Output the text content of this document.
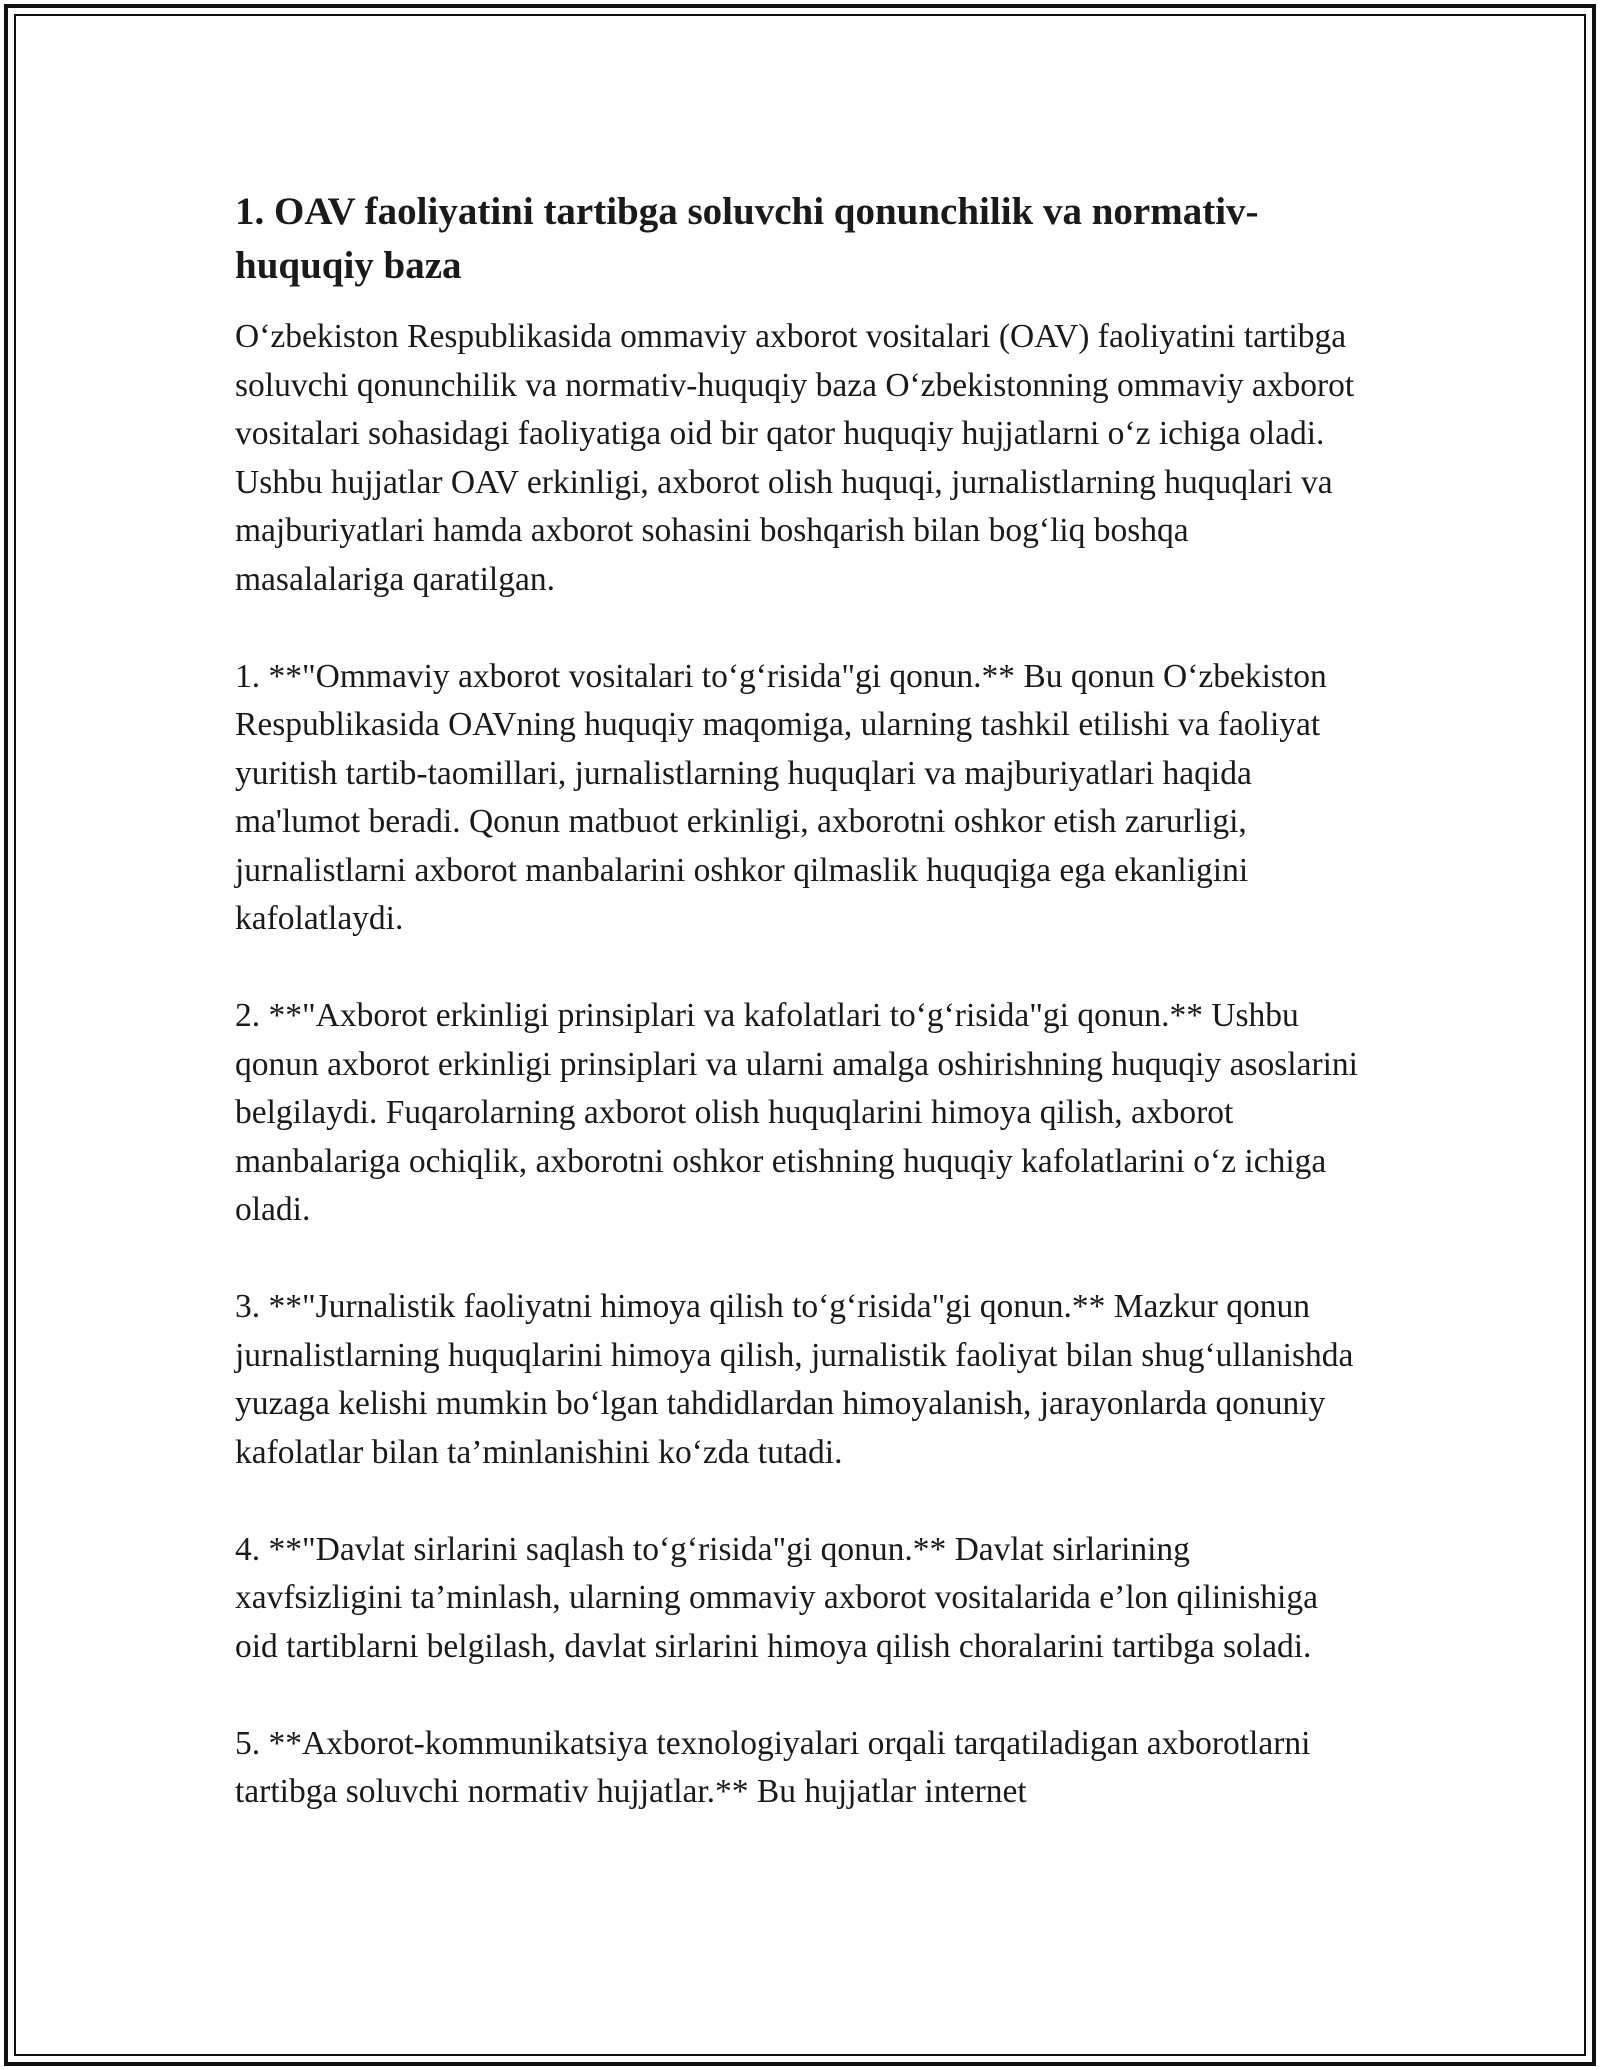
1. OAV faoliyatini tartibga soluvchi qonunchilik va normativ-huquqiy baza

O‘zbekiston Respublikasida ommaviy axborot vositalari (OAV) faoliyatini tartibga soluvchi qonunchilik va normativ-huquqiy baza O‘zbekistonning ommaviy axborot vositalari sohasidagi faoliyatiga oid bir qator huquqiy hujjatlarni o‘z ichiga oladi. Ushbu hujjatlar OAV erkinligi, axborot olish huquqi, jurnalistlarning huquqlari va majburiyatlari hamda axborot sohasini boshqarish bilan bog‘liq boshqa masalalariga qaratilgan.

1. **"Ommaviy axborot vositalari to‘g‘risida"gi qonun.** Bu qonun O‘zbekiston Respublikasida OAVning huquqiy maqomiga, ularning tashkil etilishi va faoliyat yuritish tartib-taomillari, jurnalistlarning huquqlari va majburiyatlari haqida ma'lumot beradi. Qonun matbuot erkinligi, axborotni oshkor etish zarurligi, jurnalistlarni axborot manbalarini oshkor qilmaslik huquqiga ega ekanligini kafolatlaydi.

2. **"Axborot erkinligi prinsiplari va kafolatlari to‘g‘risida"gi qonun.** Ushbu qonun axborot erkinligi prinsiplari va ularni amalga oshirishning huquqiy asoslarini belgilaydi. Fuqarolarning axborot olish huquqlarini himoya qilish, axborot manbalariga ochiqlik, axborotni oshkor etishning huquqiy kafolatlarini o‘z ichiga oladi.

3. **"Jurnalistik faoliyatni himoya qilish to‘g‘risida"gi qonun.** Mazkur qonun jurnalistlarning huquqlarini himoya qilish, jurnalistik faoliyat bilan shug‘ullanishda yuzaga kelishi mumkin bo‘lgan tahdidlardan himoyalanish, jarayonlarda qonuniy kafolatlar bilan ta’minlanishini ko‘zda tutadi.

4. **"Davlat sirlarini saqlash to‘g‘risida"gi qonun.** Davlat sirlarining xavfsizligini ta’minlash, ularning ommaviy axborot vositalarida e’lon qilinishiga oid tartiblarni belgilash, davlat sirlarini himoya qilish choralarini tartibga soladi.

5. **Axborot-kommunikatsiya texnologiyalari orqali tarqatiladigan axborotlarni tartibga soluvchi normativ hujjatlar.** Bu hujjatlar internet
